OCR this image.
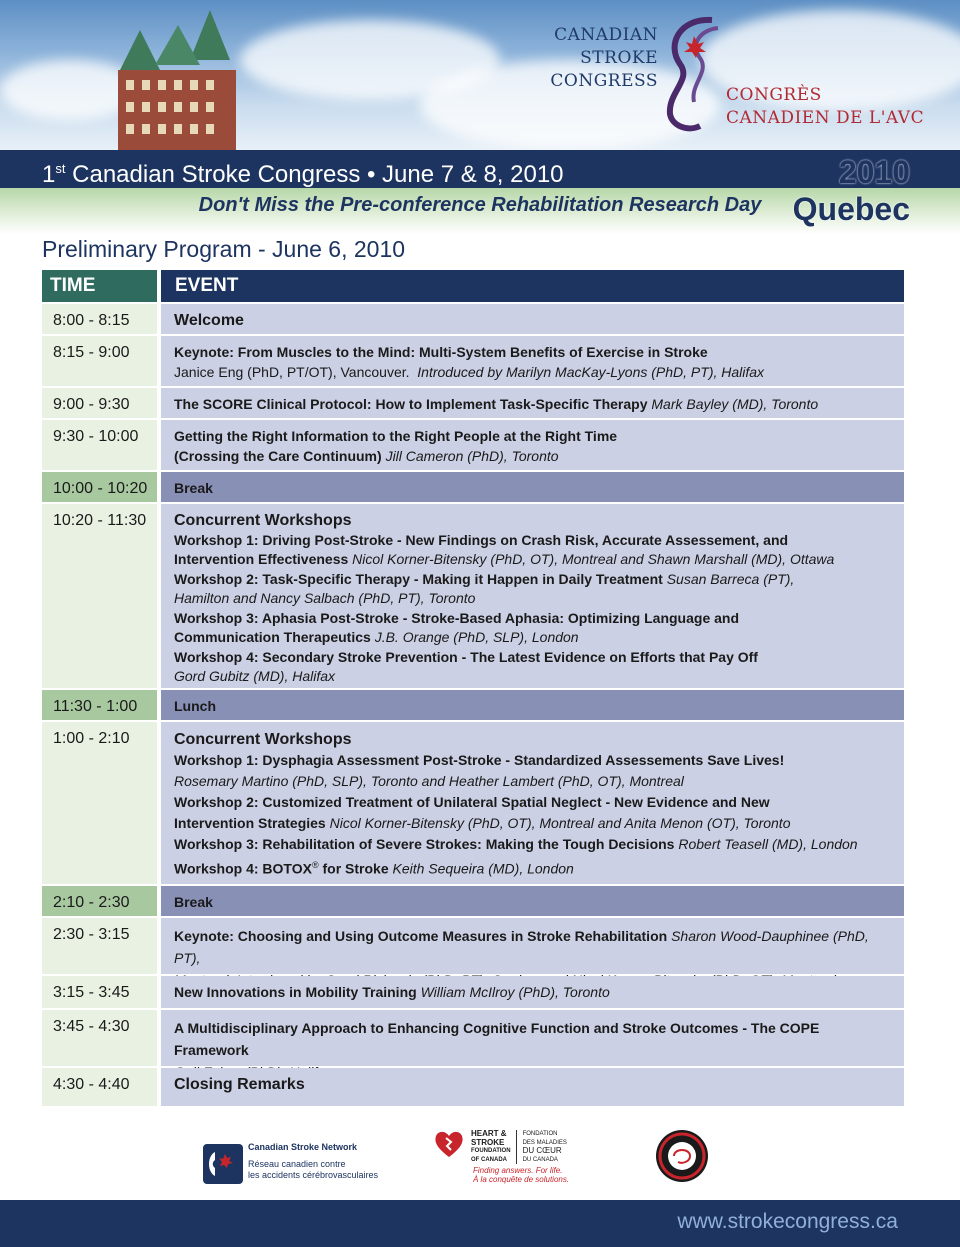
CANADIAN
STROKE CONGRESS
CONGRÈS
CANADIEN DE L'AVC
1st Canadian Stroke Congress • June 7 & 8, 2010	2010 Quebec
Don't Miss the Pre-conference Rehabilitation Research Day
Preliminary Program - June 6, 2010
TIME	EVENT
8:00 - 8:15	Welcome
8:15 - 9:00	Keynote: From Muscles to the Mind: Multi-System Benefits of Exercise in Stroke
Janice Eng (PhD, PT/OT), Vancouver. Introduced by Marilyn MacKay-Lyons (PhD, PT), Halifax
9:00 - 9:30	The SCORE Clinical Protocol: How to Implement Task-Specific Therapy Mark Bayley (MD), Toronto
9:30 - 10:00	Getting the Right Information to the Right People at the Right Time
(Crossing the Care Continuum) Jill Cameron (PhD), Toronto
10:00 - 10:20	Break
10:20 - 11:30	Concurrent Workshops
Workshop 1: Driving Post-Stroke - New Findings on Crash Risk, Accurate Assessement, and
Intervention Effectiveness Nicol Korner-Bitensky (PhD, OT), Montreal and Shawn Marshall (MD), Ottawa
Workshop 2: Task-Specific Therapy - Making it Happen in Daily Treatment Susan Barreca (PT),
Hamilton and Nancy Salbach (PhD, PT), Toronto
Workshop 3: Aphasia Post-Stroke - Stroke-Based Aphasia: Optimizing Language and
Communication Therapeutics J.B. Orange (PhD, SLP), London
Workshop 4: Secondary Stroke Prevention - The Latest Evidence on Efforts that Pay Off
Gord Gubitz (MD), Halifax
11:30 - 1:00	Lunch
1:00 - 2:10	Concurrent Workshops
Workshop 1: Dysphagia Assessment Post-Stroke - Standardized Assessements Save Lives!
Rosemary Martino (PhD, SLP), Toronto and Heather Lambert (PhD, OT), Montreal
Workshop 2: Customized Treatment of Unilateral Spatial Neglect - New Evidence and New
Intervention Strategies Nicol Korner-Bitensky (PhD, OT), Montreal and Anita Menon (OT), Toronto
Workshop 3: Rehabilitation of Severe Strokes: Making the Tough Decisions Robert Teasell (MD), London
Workshop 4: BOTOX® for Stroke Keith Sequeira (MD), London
2:10 - 2:30	Break
2:30 - 3:15	Keynote: Choosing and Using Outcome Measures in Stroke Rehabilitation Sharon Wood-Dauphinee (PhD, PT),
3:15 - 3:45	New Innovations in Mobility Training William McIlroy (PhD), Toronto
3:45 - 4:30	A Multidisciplinary Approach to Enhancing Cognitive Function and Stroke Outcomes - The COPE Framework
4:30 - 4:40	Closing Remarks
Canadian Stroke Network
Réseau canadien contre
les accidents cérébrovasculaires
HEART &
STROKE
FOUNDATION
OF CANADA
FONDATION
DES MALADIES
DU CŒUR
DU CANADA
Finding answers. For life.
À la conquête de solutions.
www.strokecongress.ca
